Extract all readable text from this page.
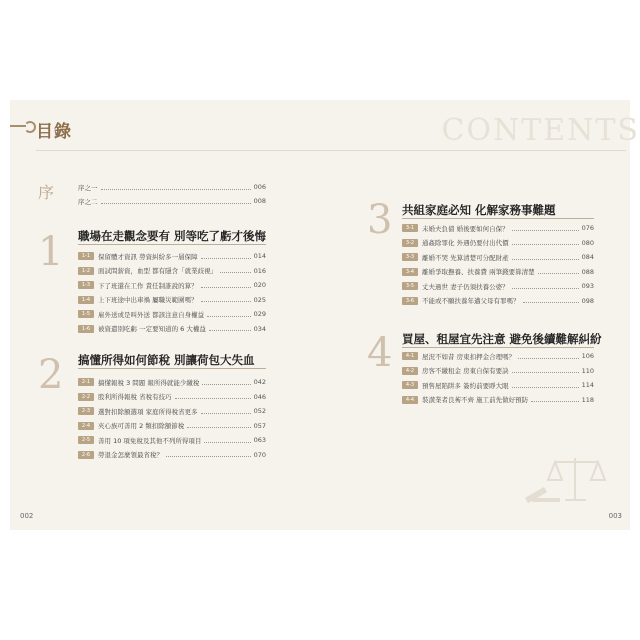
CONTENTS
目錄
序	序之一	006
序之二	008
1 職場在走觀念要有 別等吃了虧才後悔
1-1	保留體才資訊 勞資糾紛多一層保障	014
1-2	面試問薪資，血型 都有隱含「就業歧視」	016
1-3	下了班還在工作 責任制誰說的算？	020
1-4	上下班途中出車禍 屬職災範圍嗎？	025
1-5	雇外送或是叫外送 都該注意自身權益	029
1-6	被資遣別吃虧 一定要知道的 6 大權益	034
2 搞懂所得如何節稅 別讓荷包大失血
2-1	搞懂報稅 3 問題 報所得就能少繳稅	042
2-2	股利所得報稅 省稅有技巧	046
2-3	選對扣除額選項 家庭所得稅省更多	052
2-4	夾心族可善用 2 類扣除額節稅	057
2-5	善用 10 項免稅及其他不列所得項目	063
2-6	勞退金怎麼領最省稅？	070
3 共組家庭必知 化解家務事難題
3-1	未婚夫負債 婚後要如何自保？	076
3-2	通姦除罪化 外遇仍要付出代價	080
3-3	離婚不哭 先算清楚可分配財產	084
3-4	離婚爭取撫養、扶養費 兩筆錢要算清楚	088
3-5	丈夫過世 妻子仍須扶養公婆？	093
3-6	不能或不願扶養年邁父母有罪嗎？	098
4 買屋、租屋宜先注意 避免後續難解糾紛
4-1	屋況不如昔 房東扣押金合理嗎？	106
4-2	房客不繳租金 房東自保有要訣	110
4-3	預售屋陷阱多 簽約前要睜大眼	114
4-4	裝潢業者良莠不齊 施工前先做好預防	118
002	003
